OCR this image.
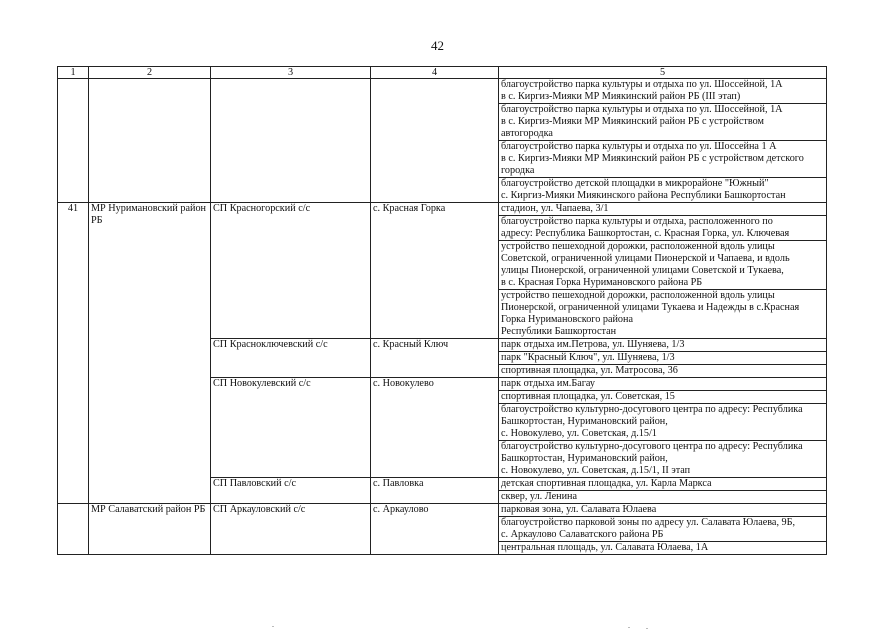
42
1	2	3	4	5

				благоустройство парка культуры и отдыха по ул. Шоссейной, 1А
в с. Киргиз-Мияки МР Миякинский район РБ (III этап)

				благоустройство парка культуры и отдыха по ул. Шоссейной, 1А
в с. Киргиз-Мияки МР Миякинский район РБ с устройством
автогородка

				благоустройство парка культуры и отдыха по ул. Шоссейна 1 А
в с. Киргиз-Мияки МР Миякинский район РБ с устройством детского
городка

				благоустройство детской площадки в микрорайоне "Южный"
с. Киргиз-Мияки Миякинского района Республики Башкортостан

41	МР Нуримановский район РБ	СП Красногорский с/с	с. Красная Горка	стадион, ул. Чапаева, 3/1

				благоустройство парка культуры и отдыха, расположенного по
адресу: Республика Башкортостан, с. Красная Горка, ул. Ключевая

				устройство пешеходной дорожки, расположенной вдоль улицы
Советской, ограниченной улицами Пионерской и Чапаева, и вдоль
улицы Пионерской, ограниченной улицами Советской и Тукаева,
в с. Красная Горка Нуримановского района РБ

				устройство пешеходной дорожки, расположенной вдоль улицы
Пионерской, ограниченной улицами Тукаева и Надежды в с.Красная
Горка Нуримановского района
Республики Башкортостан

		СП Красноключевский с/с	с. Красный Ключ	парк отдыха им.Петрова, ул. Шуняева, 1/3

				парк "Красный Ключ", ул. Шуняева, 1/3

				спортивная площадка, ул. Матросова, 36

		СП Новокулевский с/с	с. Новокулево	парк отдыха им.Багау

				спортивная площадка, ул. Советская, 15

				благоустройство культурно-досугового центра по адресу: Республика
Башкортостан, Нуримановский район,
с. Новокулево, ул. Советская, д.15/1

				благоустройство культурно-досугового центра по адресу: Республика
Башкортостан, Нуримановский район,
с. Новокулево, ул. Советская, д.15/1, II этап

		СП Павловский с/с	с. Павловка	детская спортивная площадка, ул. Карла Маркса

				сквер, ул. Ленина

	МР Салаватский район РБ	СП Аркауловский с/с	с. Аркаулово	парковая зона, ул. Салавата Юлаева

				благоустройство парковой зоны по адресу ул. Салавата Юлаева, 9Б,
с. Аркаулово Салаватского района РБ

				центральная площадь, ул. Салавата Юлаева, 1А
